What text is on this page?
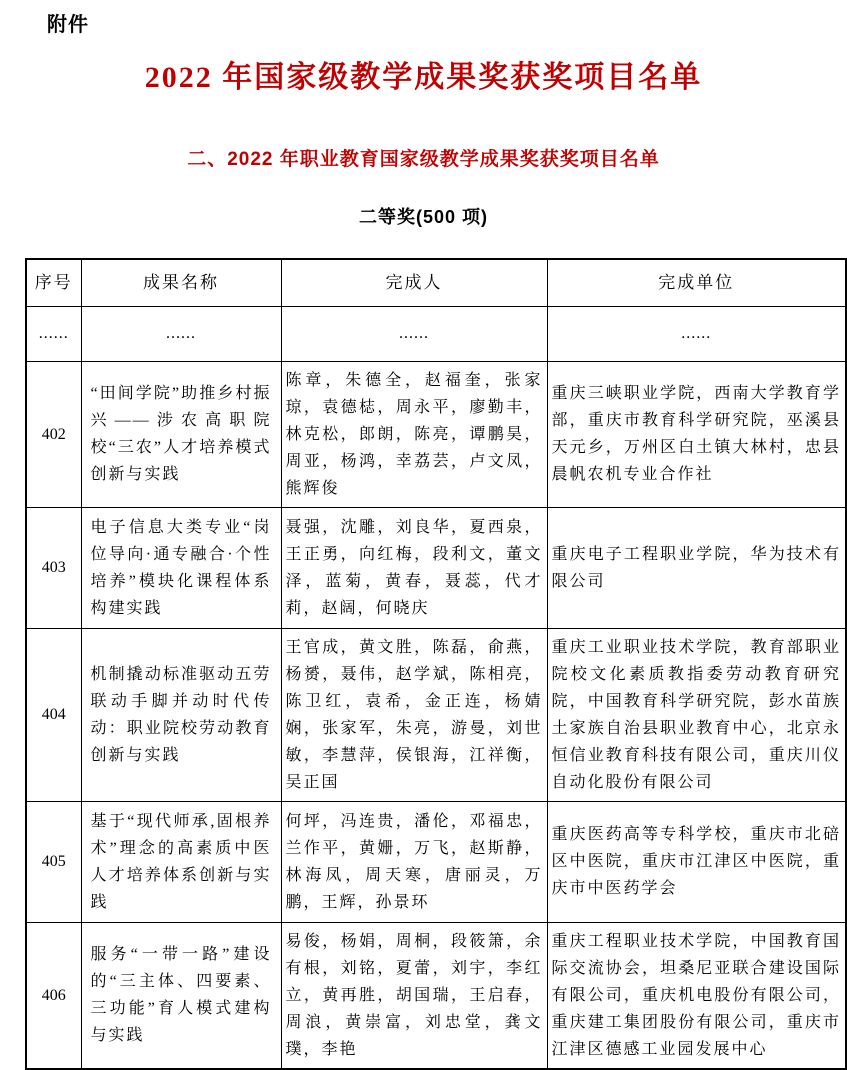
附件
2022 年国家级教学成果奖获奖项目名单
二、2022 年职业教育国家级教学成果奖获奖项目名单
二等奖(500 项)
序号	成果名称	完成人	完成单位
......	......	......	......
402	“田间学院”助推乡村振兴——涉农高职院校“三农”人才培养模式创新与实践	陈章，朱德全，赵福奎，张家琼，袁德梽，周永平，廖勤丰，林克松，郎朗，陈亮，谭鹏昊，周亚，杨鸿，幸荔芸，卢文凤，熊辉俊	重庆三峡职业学院，西南大学教育学部，重庆市教育科学研究院，巫溪县天元乡，万州区白土镇大林村，忠县晨帆农机专业合作社
403	电子信息大类专业“岗位导向·通专融合·个性培养”模块化课程体系构建实践	聂强，沈雕，刘良华，夏西泉，王正勇，向红梅，段利文，董文泽，蓝菊，黄春，聂蕊，代才莉，赵阔，何晓庆	重庆电子工程职业学院，华为技术有限公司
404	机制撬动标准驱动五劳联动手脚并动时代传动：职业院校劳动教育创新与实践	王官成，黄文胜，陈磊，俞燕，杨赟，聂伟，赵学斌，陈相亮，陈卫红，袁希，金正连，杨婧娴，张家军，朱亮，游曼，刘世敏，李慧萍，侯银海，江祥衡，吴正国	重庆工业职业技术学院，教育部职业院校文化素质教指委劳动教育研究院，中国教育科学研究院，彭水苗族土家族自治县职业教育中心，北京永恒信业教育科技有限公司，重庆川仪自动化股份有限公司
405	基于“现代师承,固根养术”理念的高素质中医人才培养体系创新与实践	何坪，冯连贵，潘伦，邓福忠，兰作平，黄姗，万飞，赵斯静，林海凤，周天寒，唐丽灵，万鹏，王辉，孙景环	重庆医药高等专科学校，重庆市北碚区中医院，重庆市江津区中医院，重庆市中医药学会
406	服务“一带一路”建设的“三主体、四要素、三功能”育人模式建构与实践	易俊，杨娟，周桐，段筱箫，余有根，刘铭，夏蕾，刘宇，李红立，黄再胜，胡国瑞，王启春，周浪，黄崇富，刘忠堂，龚文璞，李艳	重庆工程职业技术学院，中国教育国际交流协会，坦桑尼亚联合建设国际有限公司，重庆机电股份有限公司，重庆建工集团股份有限公司，重庆市江津区德感工业园发展中心
